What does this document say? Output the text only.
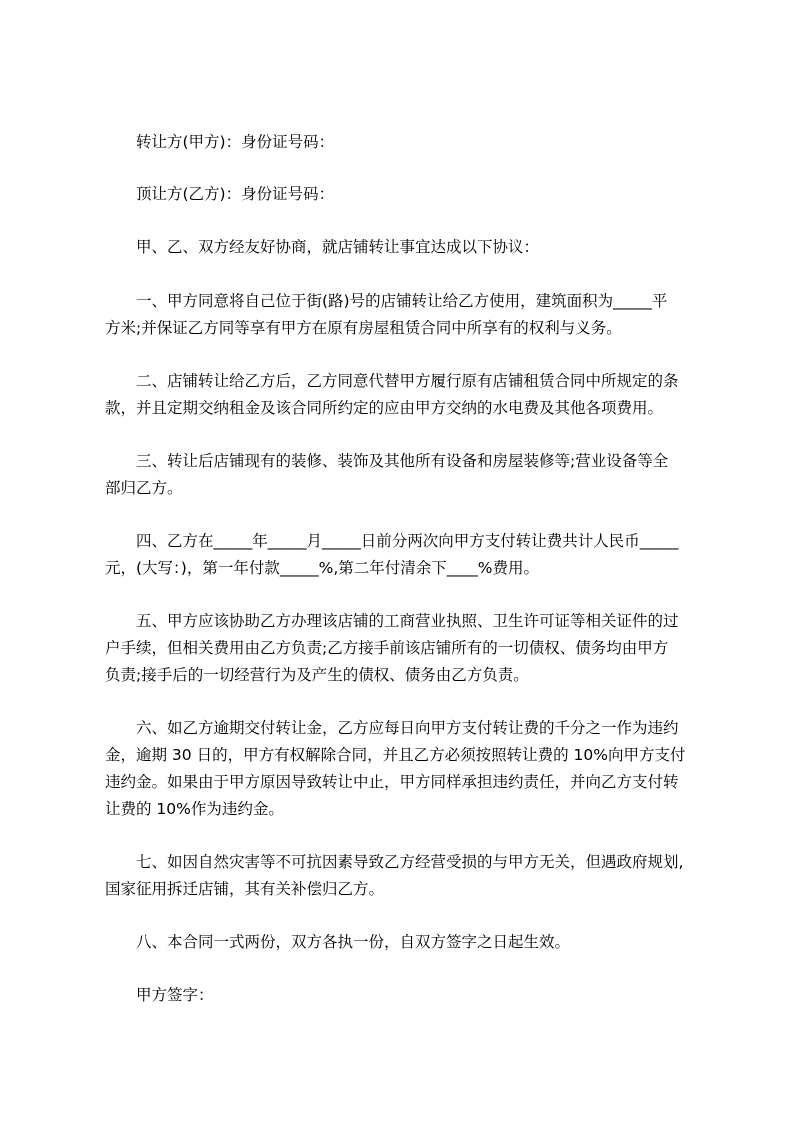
转让方(甲方)：身份证号码：
顶让方(乙方)：身份证号码：
甲、乙、双方经友好协商，就店铺转让事宜达成以下协议：
一、甲方同意将自己位于街(路)号的店铺转让给乙方使用，建筑面积为_____平
方米;并保证乙方同等享有甲方在原有房屋租赁合同中所享有的权利与义务。
二、店铺转让给乙方后，乙方同意代替甲方履行原有店铺租赁合同中所规定的条
款，并且定期交纳租金及该合同所约定的应由甲方交纳的水电费及其他各项费用。
三、转让后店铺现有的装修、装饰及其他所有设备和房屋装修等;营业设备等全
部归乙方。
四、乙方在_____年_____月_____日前分两次向甲方支付转让费共计人民币_____
元，(大写：)，第一年付款_____%,第二年付清余下____%费用。
五、甲方应该协助乙方办理该店铺的工商营业执照、卫生许可证等相关证件的过
户手续，但相关费用由乙方负责;乙方接手前该店铺所有的一切债权、债务均由甲方
负责;接手后的一切经营行为及产生的债权、债务由乙方负责。
六、如乙方逾期交付转让金，乙方应每日向甲方支付转让费的千分之一作为违约
金，逾期 30 日的，甲方有权解除合同，并且乙方必须按照转让费的 10%向甲方支付
违约金。如果由于甲方原因导致转让中止，甲方同样承担违约责任，并向乙方支付转
让费的 10%作为违约金。
七、如因自然灾害等不可抗因素导致乙方经营受损的与甲方无关，但遇政府规划,
国家征用拆迁店铺，其有关补偿归乙方。
八、本合同一式两份，双方各执一份，自双方签字之日起生效。
甲方签字：
